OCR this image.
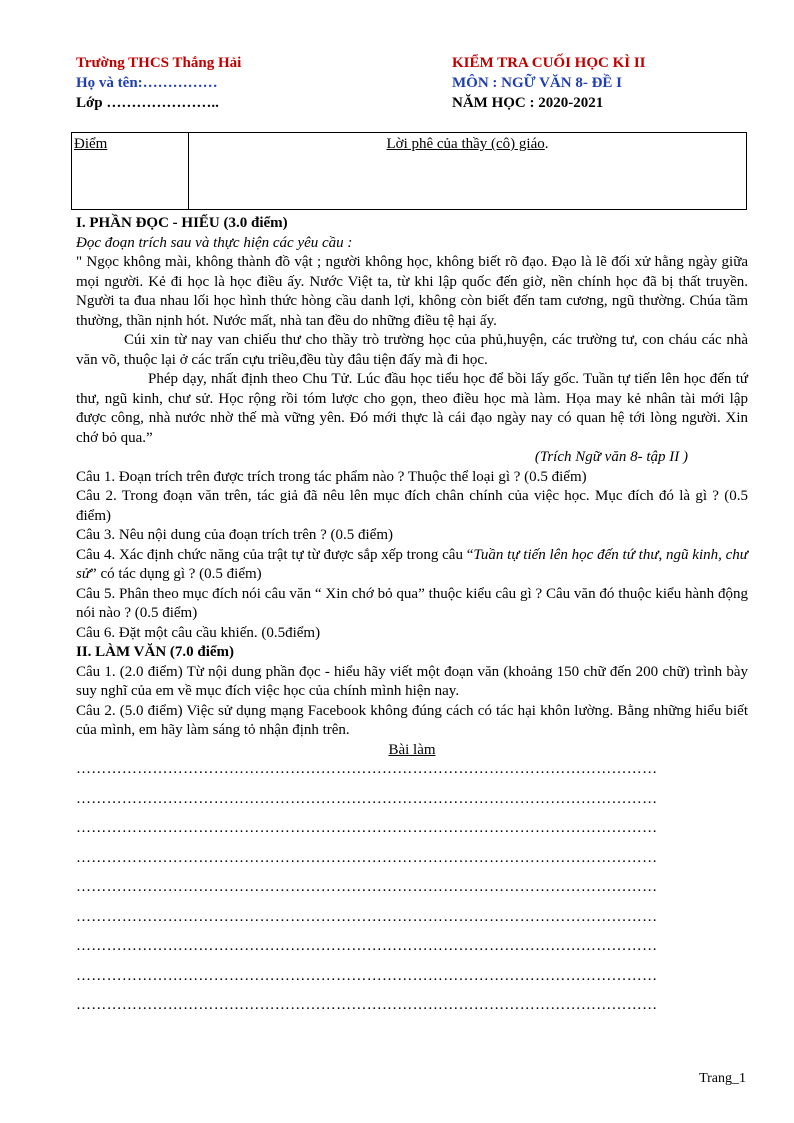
Trường THCS Thắng Hải
Họ và tên:……………
Lớp …………………..
KIỂM TRA CUỐI HỌC KÌ II
MÔN : NGỮ VĂN 8- ĐỀ I
NĂM HỌC : 2020-2021
Điểm	Lời phê của thầy (cô) giáo.

I. PHẦN ĐỌC - HIỂU (3.0 điểm)

Đọc đoạn trích sau và thực hiện các yêu cầu :

" Ngọc không mài, không thành đồ vật ; người không học, không biết rõ đạo. Đạo là lẽ đối xử hằng ngày giữa mọi người. Kẻ đi học là học điều ấy. Nước Việt ta, từ khi lập quốc đến giờ, nền chính học đã bị thất truyền. Người ta đua nhau lối học hình thức hòng cầu danh lợi, không còn biết đến tam cương, ngũ thường. Chúa tầm thường, thần nịnh hót. Nước mất, nhà tan đều do những điều tệ hại ấy.

Cúi xin từ nay van chiếu thư cho thầy trò trường học của phủ,huyện, các trường tư, con cháu các nhà văn võ, thuộc lại ở các trấn cựu triều,đều tùy đâu tiện đấy mà đi học.

Phép dạy, nhất định theo Chu Tử. Lúc đầu học tiểu học để bồi lấy gốc. Tuần tự tiến lên học đến tứ thư, ngũ kinh, chư sử. Học rộng rồi tóm lược cho gọn, theo điều học mà làm. Họa may kẻ nhân tài mới lập được công, nhà nước nhờ thế mà vững yên. Đó mới thực là cái đạo ngày nay có quan hệ tới lòng người. Xin chớ bỏ qua.”

(Trích Ngữ văn 8- tập II )

Câu 1. Đoạn trích trên được trích trong tác phẩm nào ? Thuộc thể loại gì ? (0.5 điểm)

Câu 2. Trong đoạn văn trên, tác giả đã nêu lên mục đích chân chính của việc học. Mục đích đó là gì ? (0.5 điểm)

Câu 3. Nêu nội dung của đoạn trích trên ? (0.5 điểm)

Câu 4. Xác định chức năng của trật tự từ được sắp xếp trong câu “Tuần tự tiến lên học đến tứ thư, ngũ kinh, chư sử” có tác dụng gì ? (0.5 điểm)

Câu 5. Phân theo mục đích nói câu văn “ Xin chớ bỏ qua” thuộc kiểu câu gì ? Câu văn đó thuộc kiểu hành động nói nào ? (0.5 điểm)

Câu 6. Đặt một câu cầu khiến. (0.5điểm)

II. LÀM VĂN (7.0 điểm)

Câu 1. (2.0 điểm) Từ nội dung phần đọc - hiểu hãy viết một đoạn văn (khoảng 150 chữ đến 200 chữ) trình bày suy nghĩ của em về mục đích việc học của chính mình hiện nay.

Câu 2. (5.0 điểm) Việc sử dụng mạng Facebook không đúng cách có tác hại khôn lường. Bằng những hiểu biết của mình, em hãy làm sáng tỏ nhận định trên.

Bài làm

……………………………………………………………………………………………………
……………………………………………………………………………………………………
……………………………………………………………………………………………………
……………………………………………………………………………………………………
……………………………………………………………………………………………………
……………………………………………………………………………………………………
……………………………………………………………………………………………………
……………………………………………………………………………………………………
……………………………………………………………………………………………………
Trang_1
